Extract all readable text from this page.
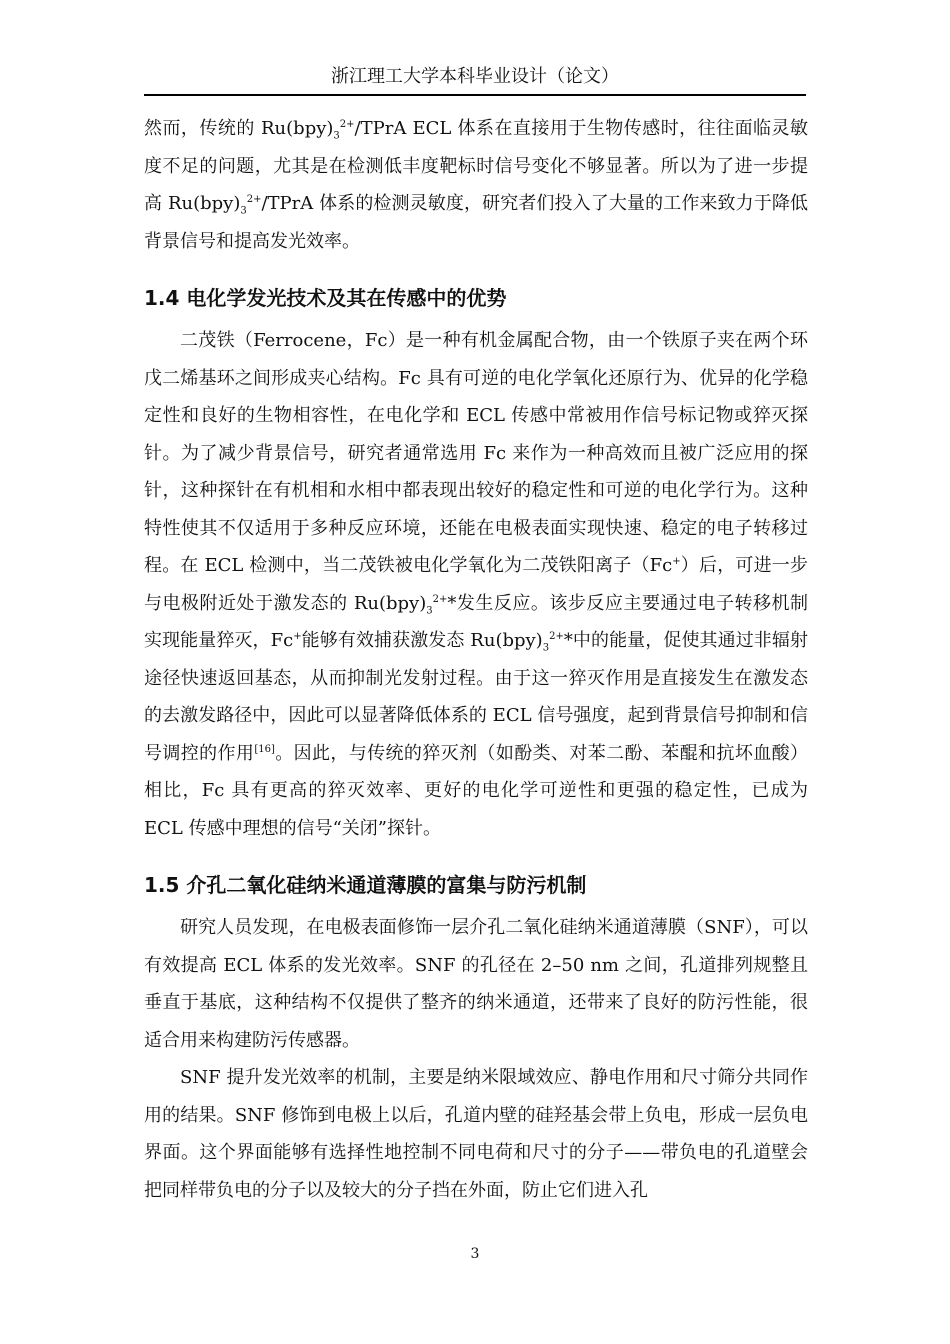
浙江理工大学本科毕业设计（论文）

然而，传统的 $Ru(bpy)_3^{2+}$/TPrA ECL 体系在直接用于生物传感时，往往面临灵敏度不足的问题，尤其是在检测低丰度靶标时信号变化不够显著。所以为了进一步提高 $Ru(bpy)_3^{2+}$/TPrA 体系的检测灵敏度，研究者们投入了大量的工作来致力于降低背景信号和提高发光效率。

1.4 电化学发光技术及其在传感中的优势

二茂铁（Ferrocene，Fc）是一种有机金属配合物，由一个铁原子夹在两个环戊二烯基环之间形成夹心结构。Fc 具有可逆的电化学氧化还原行为、优异的化学稳定性和良好的生物相容性，在电化学和 ECL 传感中常被用作信号标记物或猝灭探针。为了减少背景信号，研究者通常选用 Fc 来作为一种高效而且被广泛应用的探针，这种探针在有机相和水相中都表现出较好的稳定性和可逆的电化学行为。这种特性使其不仅适用于多种反应环境，还能在电极表面实现快速、稳定的电子转移过程。在 ECL 检测中，当二茂铁被电化学氧化为二茂铁阳离子（Fc+）后，可进一步与电极附近处于激发态的 $Ru(bpy)_3^{2+}*$发生反应。该步反应主要通过电子转移机制实现能量猝灭，Fc+能够有效捕获激发态 $Ru(bpy)_3^{2+}*$中的能量，促使其通过非辐射途径快速返回基态，从而抑制光发射过程。由于这一猝灭作用是直接发生在激发态的去激发路径中，因此可以显著降低体系的 ECL 信号强度，起到背景信号抑制和信号调控的作用[16]。因此，与传统的猝灭剂（如酚类、对苯二酚、苯醌和抗坏血酸）相比，Fc 具有更高的猝灭效率、更好的电化学可逆性和更强的稳定性，已成为 ECL 传感中理想的信号“关闭”探针。

1.5 介孔二氧化硅纳米通道薄膜的富集与防污机制

研究人员发现，在电极表面修饰一层介孔二氧化硅纳米通道薄膜（SNF），可以有效提高 ECL 体系的发光效率。SNF 的孔径在 2–50 nm 之间，孔道排列规整且垂直于基底，这种结构不仅提供了整齐的纳米通道，还带来了良好的防污性能，很适合用来构建防污传感器。

SNF 提升发光效率的机制，主要是纳米限域效应、静电作用和尺寸筛分共同作用的结果。SNF 修饰到电极上以后，孔道内壁的硅羟基会带上负电，形成一层负电界面。这个界面能够有选择性地控制不同电荷和尺寸的分子——带负电的孔道壁会把同样带负电的分子以及较大的分子挡在外面，防止它们进入孔

3
